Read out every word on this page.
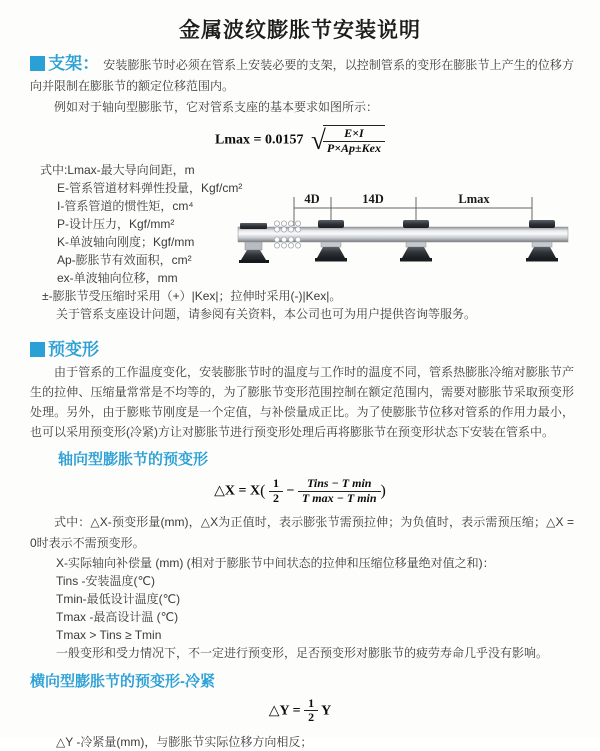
金属波纹膨胀节安装说明

支架： 安装膨胀节时必须在管系上安装必要的支架，以控制管系的变形在膨胀节上产生的位移方向并限制在膨胀节的额定位移范围内。

例如对于轴向型膨胀节，它对管系支座的基本要求如图所示：

Lmax = 0.0157 √
$\frac{E\times I}{\text{P×Ap±Kex}}$
式中:Lmax-最大导向间距，m
E-管系管道材料弹性投量，Kgf/cm²
I-管系管道的惯性矩，cm⁴
P-设计压力，Kgf/mm²
K-单波轴向刚度；Kgf/mm
Ap-膨胀节有效面积，cm²
ex-单波轴向位移，mm
±-膨胀节受压缩时采用（+）|Kex|；拉伸时采用(-)|Kex|。
关于管系支座设计问题，请参阅有关资料，本公司也可为用户提供咨询等服务。
4D	14D	Lmax
预变形

由于管系的工作温度变化，安装膨胀节时的温度与工作时的温度不同，管系热膨胀冷缩对膨胀节产生的拉伸、压缩量常常是不均等的，为了膨胀节变形范围控制在额定范围内，需要对膨胀节采取预变形处理。另外，由于膨账节刚度是一个定值，与补偿量成正比。为了使膨胀节位移对管系的作用力最小，也可以采用预变形(冷紧)方让对膨胀节进行预变形处理后再将膨胀节在预变形状态下安装在管系中。

轴向型膨胀节的预变形
△X = $X( \frac{1}{2} - \frac{\text{Tins − T min}}{\text{T max − T min}}$ )

式中：△X-预变形量(mm)，△X为正值时，表示膨张节需预拉伸；为负值时，表示需预压缩；△X = 0时表示不需预变形。

X-实际轴向补偿量 (mm) (相对于膨胀节中间状态的拉伸和压缩位移量绝对值之和)：
Tins -安装温度(℃)
Tmin-最低设计温度(℃)
Tmax -最高设计温 (℃)
Tmax > Tins ≥ Tmin
一般变形和受力情况下，不一定进行预变形，足否预变形对膨胀节的疲劳寿命几乎没有影响。
横向型膨胀节的预变形-冷紧
△Y = $\frac{1}{2}$ Y
△Y -冷紧量(mm)，与膨胀节实际位移方向相反；
